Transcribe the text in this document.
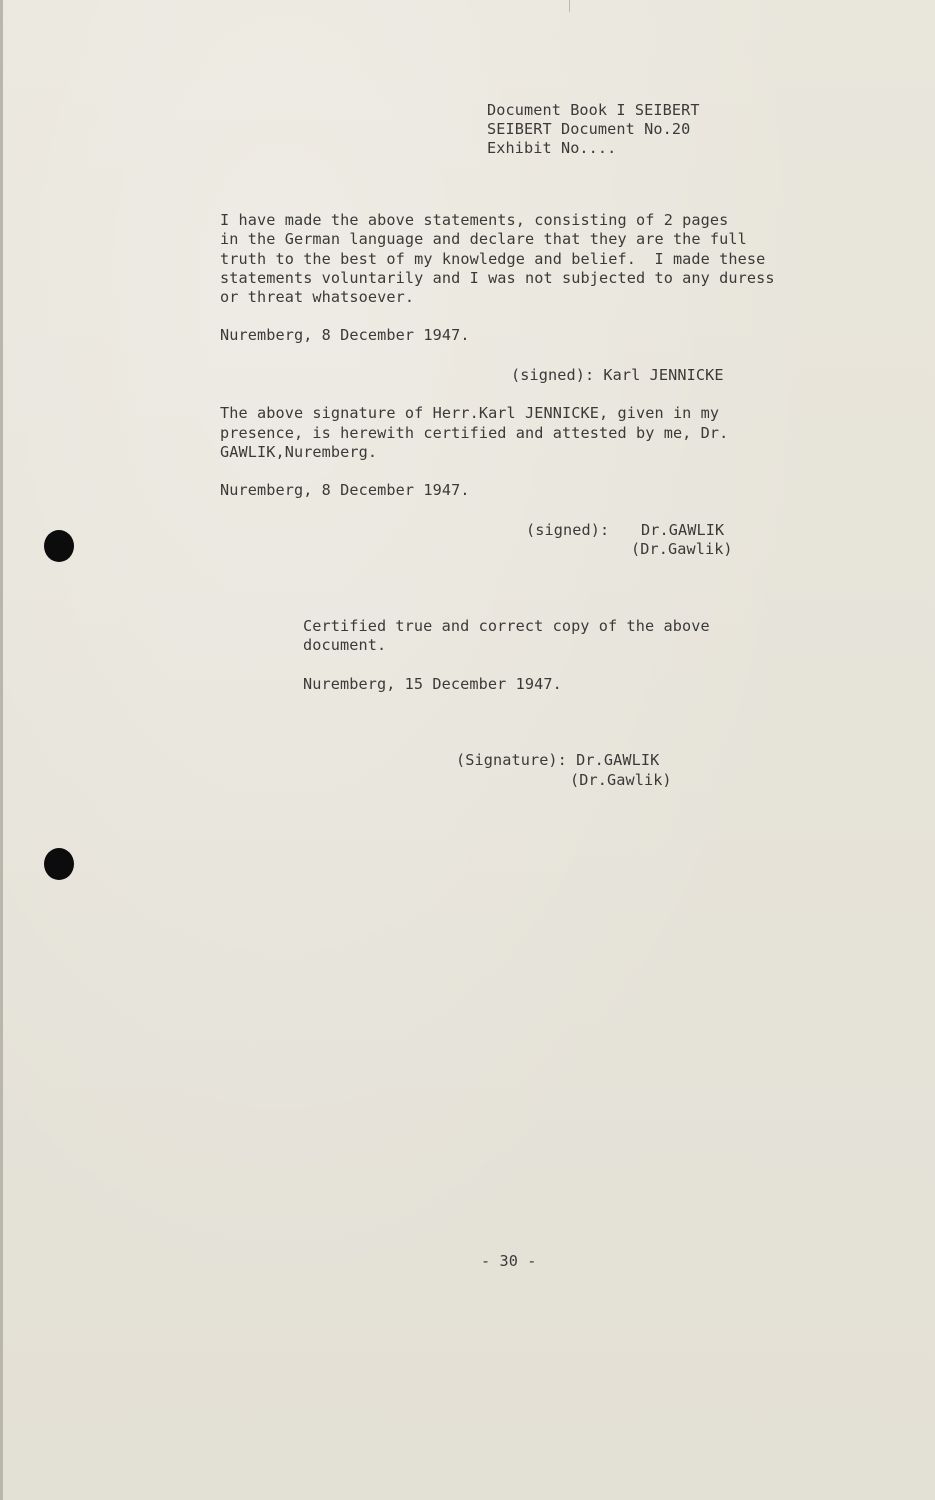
Document Book I SEIBERT

SEIBERT Document No.20

Exhibit No....

I have made the above statements, consisting of 2 pages

in the German language and declare that they are the full

truth to the best of my knowledge and belief.  I made these

statements voluntarily and I was not subjected to any duress

or threat whatsoever.

Nuremberg, 8 December 1947.

(signed): Karl JENNICKE

The above signature of Herr.Karl JENNICKE, given in my

presence, is herewith certified and attested by me, Dr.

GAWLIK,Nuremberg.

Nuremberg, 8 December 1947.

(signed): Dr.GAWLIK

(Dr.Gawlik)

Certified true and correct copy of the above

document.

Nuremberg, 15 December 1947.

(Signature): Dr.GAWLIK

(Dr.Gawlik)

- 30 -
